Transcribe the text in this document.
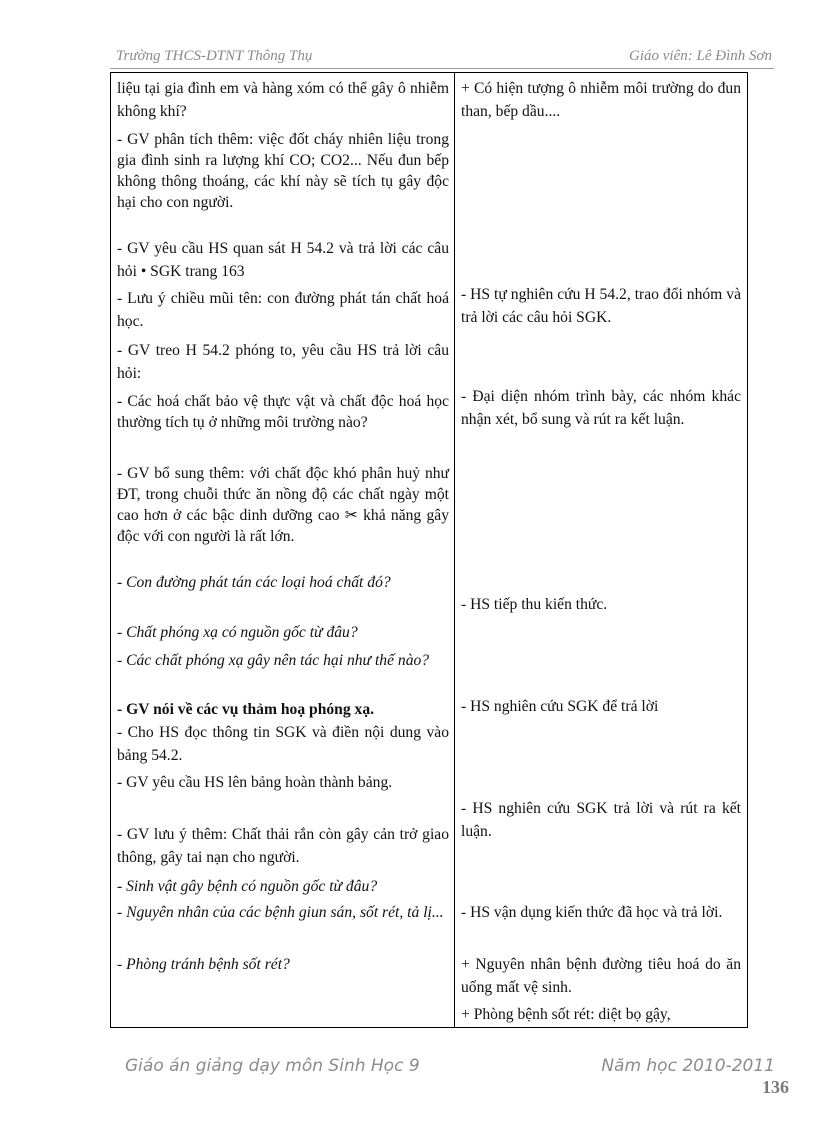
Trường THCS-DTNT Thông Thụ	Giáo viên: Lê Đình Sơn

liệu tại gia đình em và hàng xóm có thể gây ô nhiễm không khí?

- GV phân tích thêm: việc đốt cháy nhiên liệu trong gia đình sinh ra lượng khí CO; CO2... Nếu đun bếp không thông thoáng, các khí này sẽ tích tụ gây độc hại cho con người.

- GV yêu cầu HS quan sát H 54.2 và trả lời các câu hỏi • SGK trang 163

- Lưu ý chiều mũi tên: con đường phát tán chất hoá học.

- GV treo H 54.2 phóng to, yêu cầu HS trả lời câu hỏi:

- Các hoá chất bảo vệ thực vật và chất độc hoá học thường tích tụ ở những môi trường nào?

- GV bổ sung thêm: với chất độc khó phân huỷ như ĐT, trong chuỗi thức ăn nồng độ các chất ngày một cao hơn ở các bậc dinh dưỡng cao ✂ khả năng gây độc với con người là rất lớn.

- Con đường phát tán các loại hoá chất đó?

- Chất phóng xạ có nguồn gốc từ đâu?

- Các chất phóng xạ gây nên tác hại như thế nào?

- GV nói về các vụ thảm hoạ phóng xạ.

- Cho HS đọc thông tin SGK và điền nội dung vào bảng 54.2.

- GV yêu cầu HS lên bảng hoàn thành bảng.

- GV lưu ý thêm: Chất thải rắn còn gây cản trở giao thông, gây tai nạn cho người.

- Sinh vật gây bệnh có nguồn gốc từ đâu?

- Nguyên nhân của các bệnh giun sán, sốt rét, tả lị...

- Phòng tránh bệnh sốt rét?

+ Có hiện tượng ô nhiễm môi trường do đun than, bếp dầu....

- HS tự nghiên cứu H 54.2, trao đổi nhóm và trả lời các câu hỏi SGK.

- Đại diện nhóm trình bày, các nhóm khác nhận xét, bổ sung và rút ra kết luận.

- HS tiếp thu kiến thức.

- HS nghiên cứu SGK để trả lời

- HS nghiên cứu SGK trả lời và rút ra kết luận.

- HS vận dụng kiến thức đã học và trả lời.

+ Nguyên nhân bệnh đường tiêu hoá do ăn uống mất vệ sinh.

+ Phòng bệnh sốt rét: diệt bọ gậy,

Giáo án giảng dạy môn Sinh Học 9	Năm học 2010-2011
136
